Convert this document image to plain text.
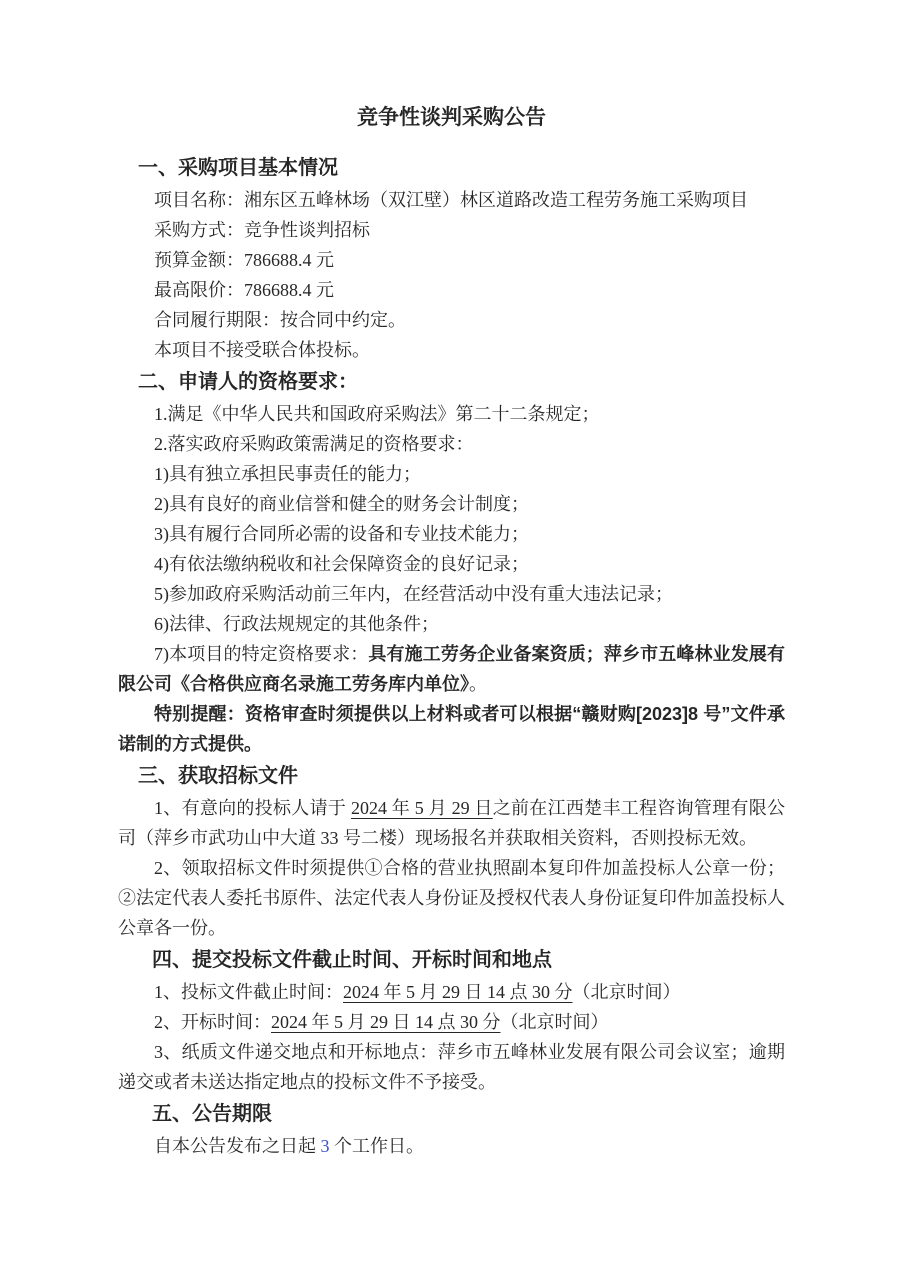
竞争性谈判采购公告
一、采购项目基本情况

项目名称：湘东区五峰林场（双江壁）林区道路改造工程劳务施工采购项目

采购方式：竞争性谈判招标

预算金额：786688.4 元

最高限价：786688.4 元

合同履行期限：按合同中约定。

本项目不接受联合体投标。

二、申请人的资格要求：

1.满足《中华人民共和国政府采购法》第二十二条规定；

2.落实政府采购政策需满足的资格要求：

1)具有独立承担民事责任的能力；

2)具有良好的商业信誉和健全的财务会计制度；

3)具有履行合同所必需的设备和专业技术能力；

4)有依法缴纳税收和社会保障资金的良好记录；

5)参加政府采购活动前三年内，在经营活动中没有重大违法记录；

6)法律、行政法规规定的其他条件；

7)本项目的特定资格要求：具有施工劳务企业备案资质；萍乡市五峰林业发展有限公司《合格供应商名录施工劳务库内单位》。

特别提醒：资格审查时须提供以上材料或者可以根据“赣财购[2023]8 号”文件承诺制的方式提供。

三、获取招标文件

1、有意向的投标人请于 2024 年 5 月 29 日之前在江西楚丰工程咨询管理有限公司（萍乡市武功山中大道 33 号二楼）现场报名并获取相关资料，否则投标无效。

2、领取招标文件时须提供①合格的营业执照副本复印件加盖投标人公章一份；②法定代表人委托书原件、法定代表人身份证及授权代表人身份证复印件加盖投标人公章各一份。

四、提交投标文件截止时间、开标时间和地点

1、投标文件截止时间：2024 年 5 月 29 日 14 点 30 分（北京时间）

2、开标时间：2024 年 5 月 29 日 14 点 30 分（北京时间）

3、纸质文件递交地点和开标地点：萍乡市五峰林业发展有限公司会议室；逾期递交或者未送达指定地点的投标文件不予接受。

五、公告期限

自本公告发布之日起 3 个工作日。
